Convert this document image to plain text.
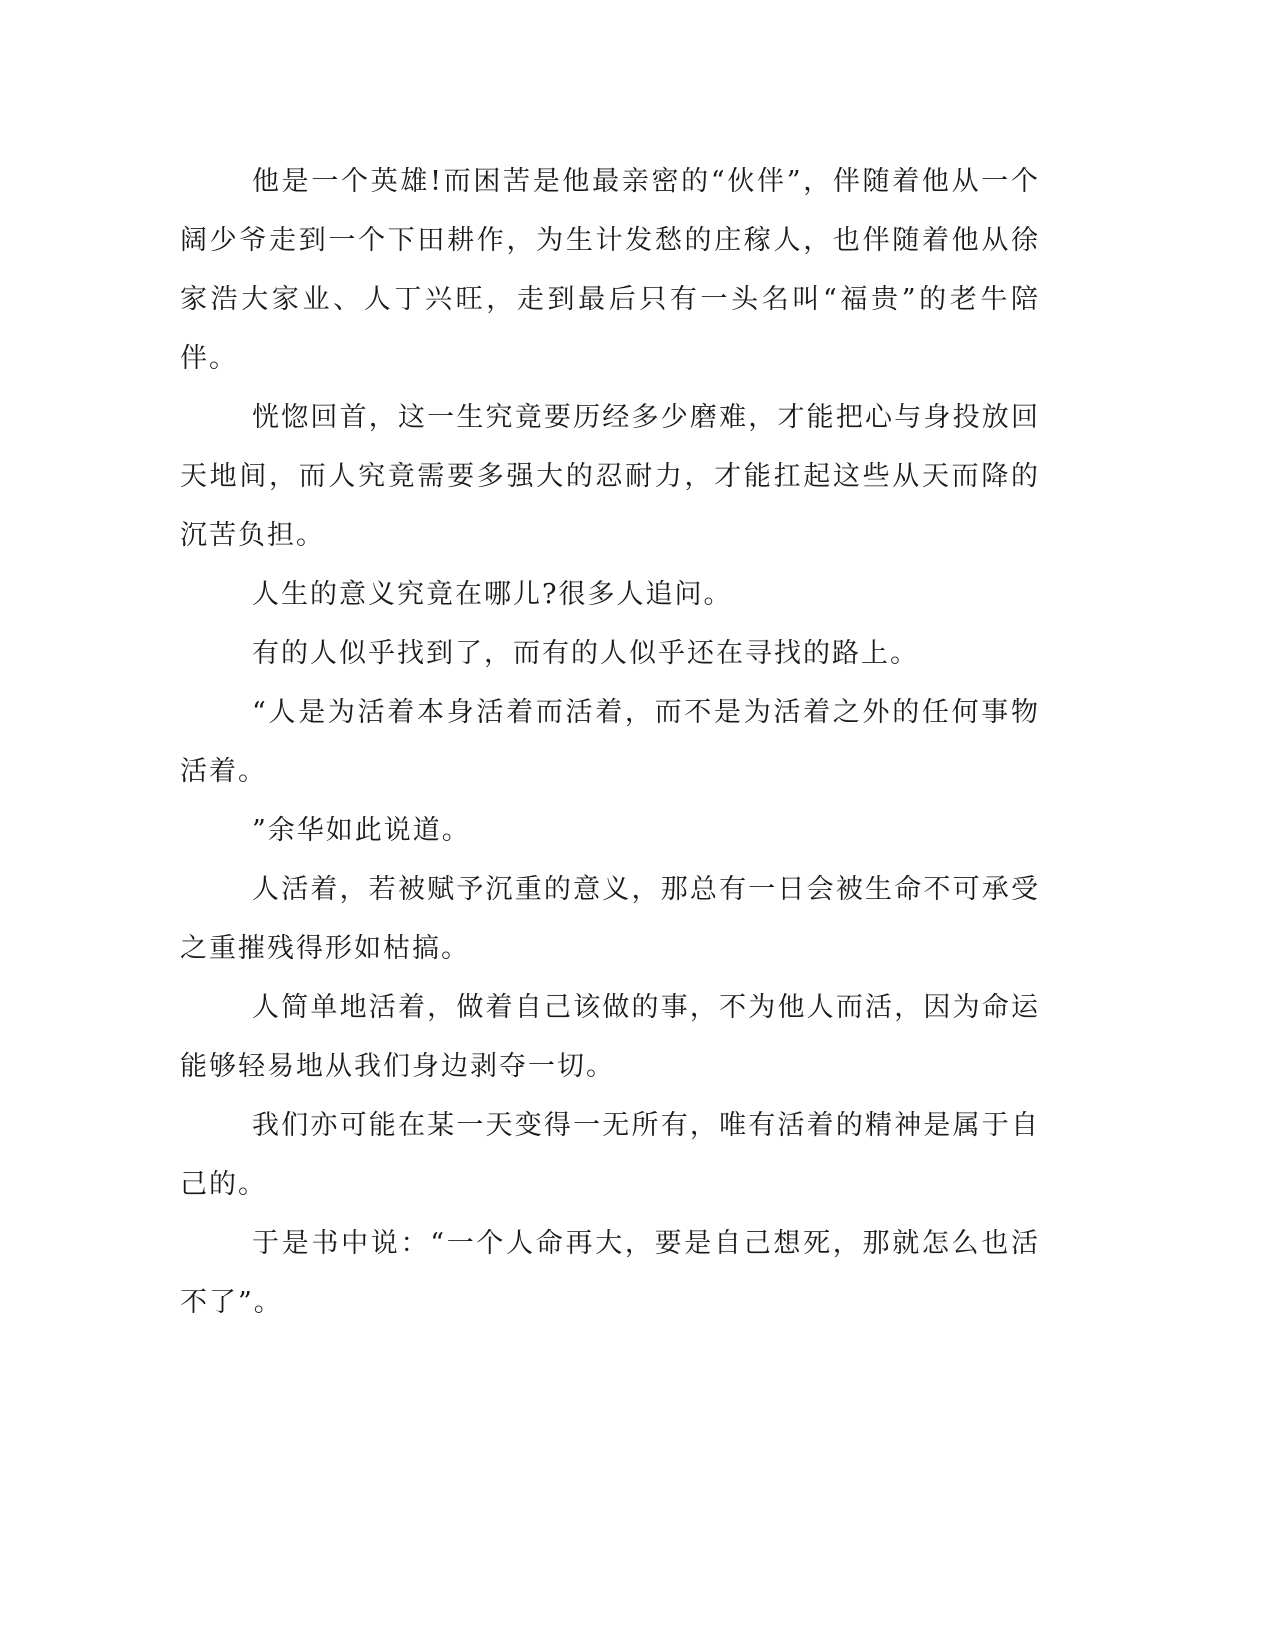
他是一个英雄!而困苦是他最亲密的“伙伴”，伴随着他从一个阔少爷走到一个下田耕作，为生计发愁的庄稼人，也伴随着他从徐家浩大家业、人丁兴旺，走到最后只有一头名叫“福贵”的老牛陪伴。

恍惚回首，这一生究竟要历经多少磨难，才能把心与身投放回天地间，而人究竟需要多强大的忍耐力，才能扛起这些从天而降的沉苦负担。

人生的意义究竟在哪儿?很多人追问。

有的人似乎找到了，而有的人似乎还在寻找的路上。

“人是为活着本身活着而活着，而不是为活着之外的任何事物活着。

”余华如此说道。

人活着，若被赋予沉重的意义，那总有一日会被生命不可承受之重摧残得形如枯搞。

人简单地活着，做着自己该做的事，不为他人而活，因为命运能够轻易地从我们身边剥夺一切。

我们亦可能在某一天变得一无所有，唯有活着的精神是属于自己的。

于是书中说：“一个人命再大，要是自己想死，那就怎么也活不了”。
